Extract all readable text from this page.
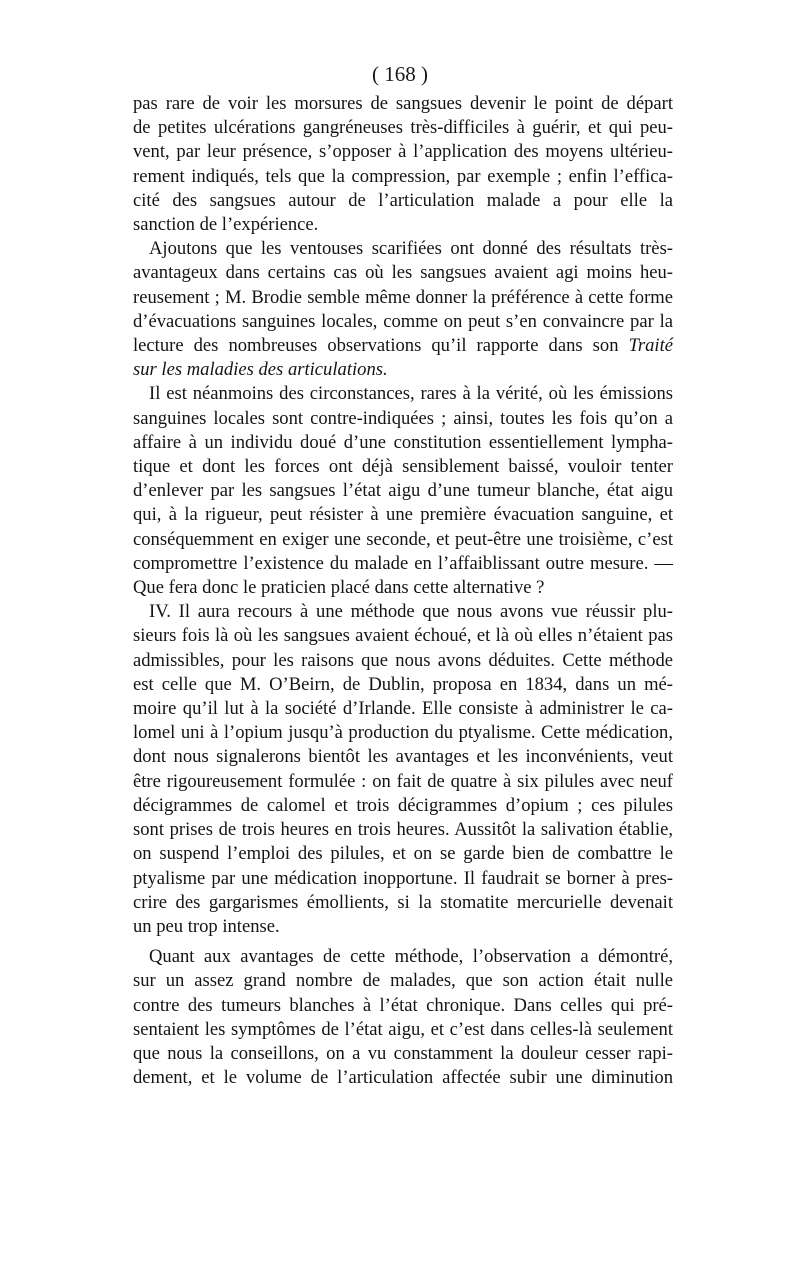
( 168 )

pas rare de voir les morsures de sangsues devenir le point de départ
de petites ulcérations gangréneuses très-difficiles à guérir, et qui peu-
vent, par leur présence, s’opposer à l’application des moyens ultérieu-
rement indiqués, tels que la compression, par exemple ; enfin l’effica-
cité des sangsues autour de l’articulation malade a pour elle la
sanction de l’expérience.

Ajoutons que les ventouses scarifiées ont donné des résultats très-
avantageux dans certains cas où les sangsues avaient agi moins heu-
reusement ; M. Brodie semble même donner la préférence à cette forme
d’évacuations sanguines locales, comme on peut s’en convaincre par la
lecture des nombreuses observations qu’il rapporte dans son Traité
sur les maladies des articulations.

Il est néanmoins des circonstances, rares à la vérité, où les émissions
sanguines locales sont contre-indiquées ; ainsi, toutes les fois qu’on a
affaire à un individu doué d’une constitution essentiellement lympha-
tique et dont les forces ont déjà sensiblement baissé, vouloir tenter
d’enlever par les sangsues l’état aigu d’une tumeur blanche, état aigu
qui, à la rigueur, peut résister à une première évacuation sanguine, et
conséquemment en exiger une seconde, et peut-être une troisième, c’est
compromettre l’existence du malade en l’affaiblissant outre mesure. —
Que fera donc le praticien placé dans cette alternative ?

IV. Il aura recours à une méthode que nous avons vue réussir plu-
sieurs fois là où les sangsues avaient échoué, et là où elles n’étaient pas
admissibles, pour les raisons que nous avons déduites. Cette méthode
est celle que M. O’Beirn, de Dublin, proposa en 1834, dans un mé-
moire qu’il lut à la société d’Irlande. Elle consiste à administrer le ca-
lomel uni à l’opium jusqu’à production du ptyalisme. Cette médication,
dont nous signalerons bientôt les avantages et les inconvénients, veut
être rigoureusement formulée : on fait de quatre à six pilules avec neuf
décigrammes de calomel et trois décigrammes d’opium ; ces pilules
sont prises de trois heures en trois heures. Aussitôt la salivation établie,
on suspend l’emploi des pilules, et on se garde bien de combattre le
ptyalisme par une médication inopportune. Il faudrait se borner à pres-
crire des gargarismes émollients, si la stomatite mercurielle devenait
un peu trop intense.

Quant aux avantages de cette méthode, l’observation a démontré,
sur un assez grand nombre de malades, que son action était nulle
contre des tumeurs blanches à l’état chronique. Dans celles qui pré-
sentaient les symptômes de l’état aigu, et c’est dans celles-là seulement
que nous la conseillons, on a vu constamment la douleur cesser rapi-
dement, et le volume de l’articulation affectée subir une diminution
